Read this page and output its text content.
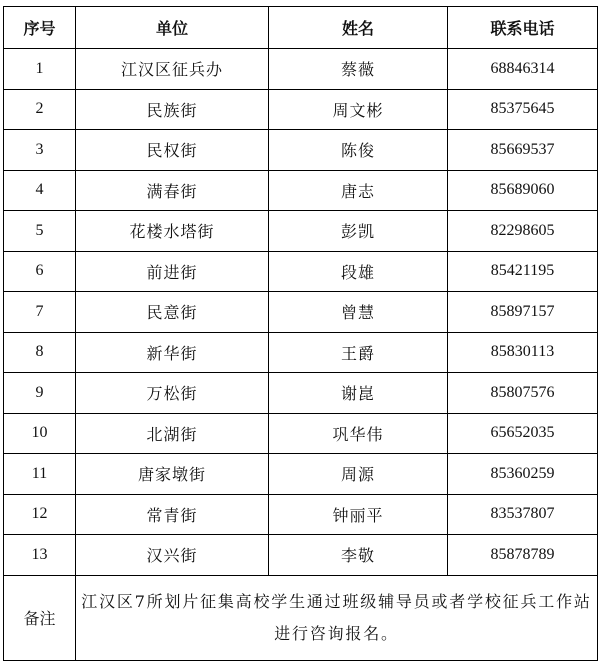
序号	单位	姓名	联系电话
1	江汉区征兵办	蔡薇	68846314
2	民族街	周文彬	85375645
3	民权街	陈俊	85669537
4	满春街	唐志	85689060
5	花楼水塔街	彭凯	82298605
6	前进街	段雄	85421195
7	民意街	曾慧	85897157
8	新华街	王爵	85830113
9	万松街	谢崑	85807576
10	北湖街	巩华伟	65652035
11	唐家墩街	周源	85360259
12	常青街	钟丽平	83537807
13	汉兴街	李敬	85878789
备注	江汉区7所划片征集高校学生通过班级辅导员或者学校征兵工作站进行咨询报名。		
